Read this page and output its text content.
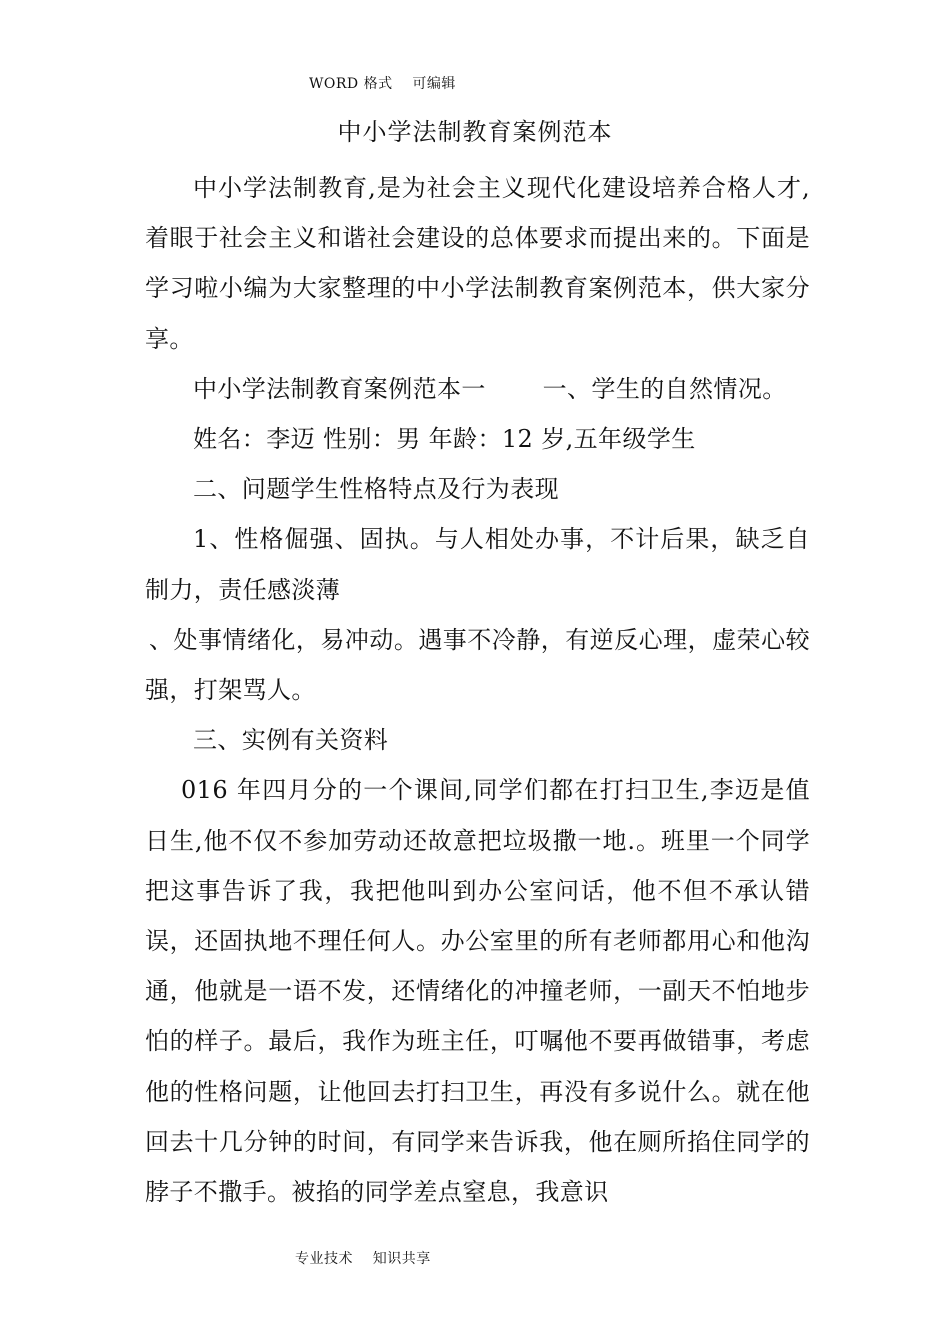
WORD 格式    可编辑
中小学法制教育案例范本

中小学法制教育,是为社会主义现代化建设培养合格人才,着眼于社会主义和谐社会建设的总体要求而提出来的。下面是学习啦小编为大家整理的中小学法制教育案例范本，供大家分享。

中小学法制教育案例范本一　　 一、学生的自然情况。

姓名：李迈 性别：男 年龄：12 岁,五年级学生

二、问题学生性格特点及行为表现

1、性格倔强、固执。与人相处办事，不计后果，缺乏自制力，责任感淡薄

、处事情绪化，易冲动。遇事不冷静，有逆反心理，虚荣心较强，打架骂人。

三、实例有关资料

016 年四月分的一个课间,同学们都在打扫卫生,李迈是值日生,他不仅不参加劳动还故意把垃圾撒一地.。班里一个同学把这事告诉了我，我把他叫到办公室问话，他不但不承认错误，还固执地不理任何人。办公室里的所有老师都用心和他沟通，他就是一语不发，还情绪化的冲撞老师，一副天不怕地步怕的样子。最后，我作为班主任，叮嘱他不要再做错事，考虑他的性格问题，让他回去打扫卫生，再没有多说什么。就在他回去十几分钟的时间，有同学来告诉我，他在厕所掐住同学的脖子不撒手。被掐的同学差点窒息，我意识

专业技术    知识共享
